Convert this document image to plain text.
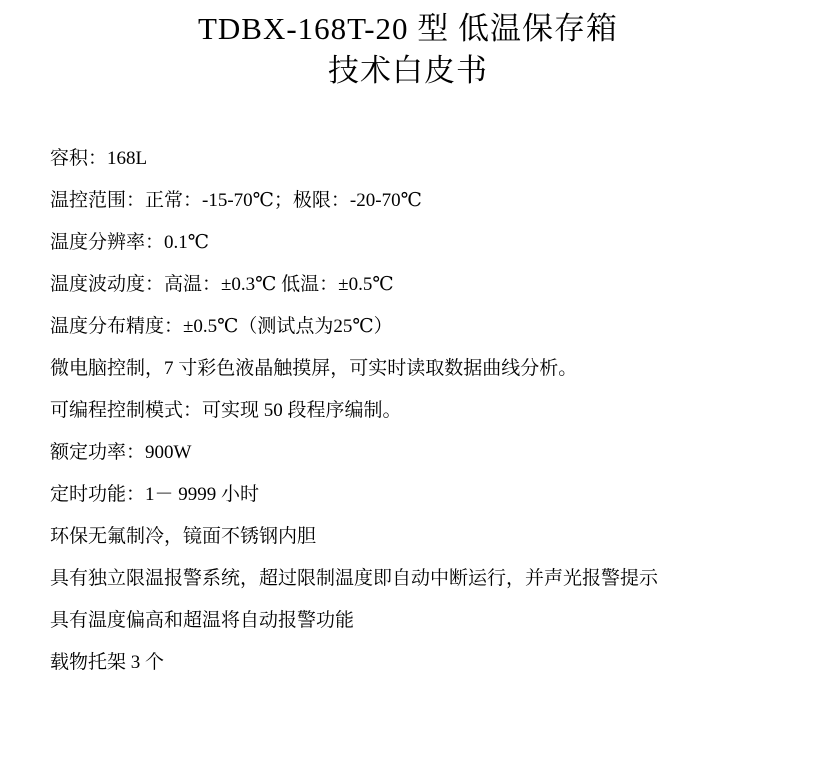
TDBX-168T-20 型 低温保存箱
技术白皮书
容积：168L
温控范围：正常：-15-70℃；极限：-20-70℃
温度分辨率：0.1℃
温度波动度：高温：±0.3℃ 低温：±0.5℃
温度分布精度：±0.5℃（测试点为25℃）
微电脑控制，7 寸彩色液晶触摸屏，可实时读取数据曲线分析。
可编程控制模式：可实现 50 段程序编制。
额定功率：900W
定时功能：1－ 9999 小时
环保无氟制冷，镜面不锈钢内胆
具有独立限温报警系统，超过限制温度即自动中断运行，并声光报警提示
具有温度偏高和超温将自动报警功能
载物托架 3 个
